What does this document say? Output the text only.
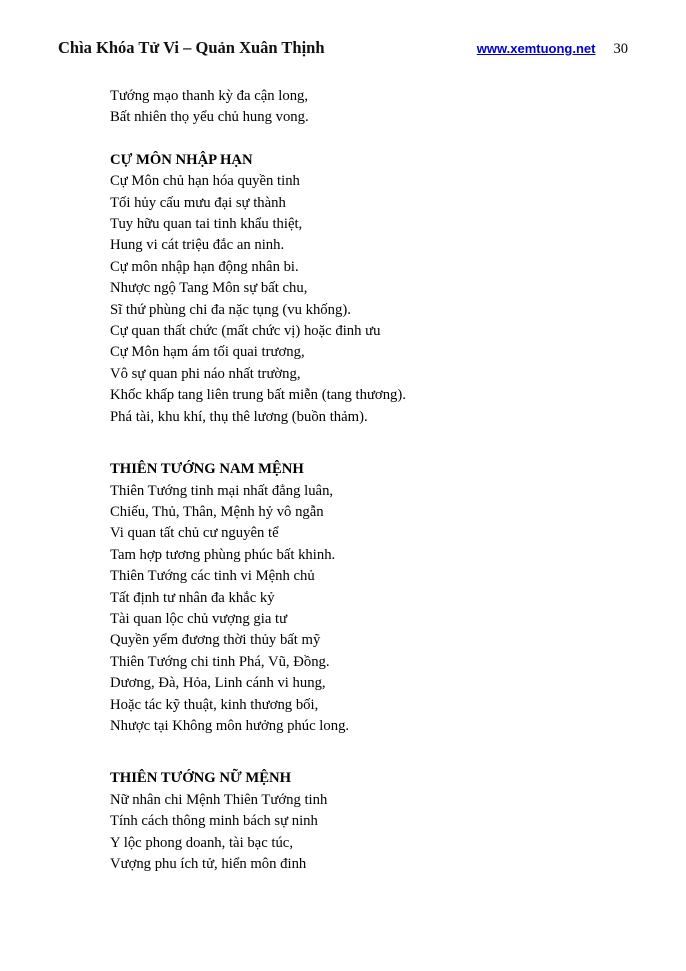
Chìa Khóa Tử Vi – Quản Xuân Thịnh	www.xemtuong.net 30
Tướng mạo thanh kỳ đa cận long,
Bất nhiên thọ yểu chủ hung vong.
CỰ MÔN NHẬP HẠN
Cự Môn chủ hạn hóa quyền tinh
Tối hủy cấu mưu đại sự thành
Tuy hữu quan tai tinh khẩu thiệt,
Hung vi cát triệu đắc an ninh.
Cự môn nhập hạn động nhân bi.
Nhược ngộ Tang Môn sự bất chu,
Sĩ thứ phùng chi đa nặc tụng (vu khống).
Cự quan thất chức (mất chức vị) hoặc đinh ưu
Cự Môn hạm ám tối quai trương,
Vô sự quan phi náo nhất trường,
Khốc khấp tang liên trung bất miễn (tang thương).
Phá tài, khu khí, thụ thê lương (buồn thảm).
THIÊN TƯỚNG NAM MỆNH
Thiên Tướng tinh mại nhất đẳng luân,
Chiếu, Thủ, Thân, Mệnh hỷ vô ngẫn
Vi quan tất chủ cư nguyên tể
Tam hợp tương phùng phúc bất khinh.
Thiên Tướng các tinh vi Mệnh chủ
Tất định tư nhân đa khắc kỷ
Tài quan lộc chủ vượng gia tư
Quyền yểm đương thời thủy bất mỹ
Thiên Tướng chi tinh Phá, Vũ, Đồng.
Dương, Đà, Hỏa, Linh cánh vi hung,
Hoặc tác kỹ thuật, kinh thương bối,
Nhược tại Không môn hưởng phúc long.
THIÊN TƯỚNG NỮ MỆNH
Nữ nhân chi Mệnh Thiên Tướng tinh
Tính cách thông minh bách sự ninh
Y lộc phong doanh, tài bạc túc,
Vượng phu ích tử, hiển môn đinh
